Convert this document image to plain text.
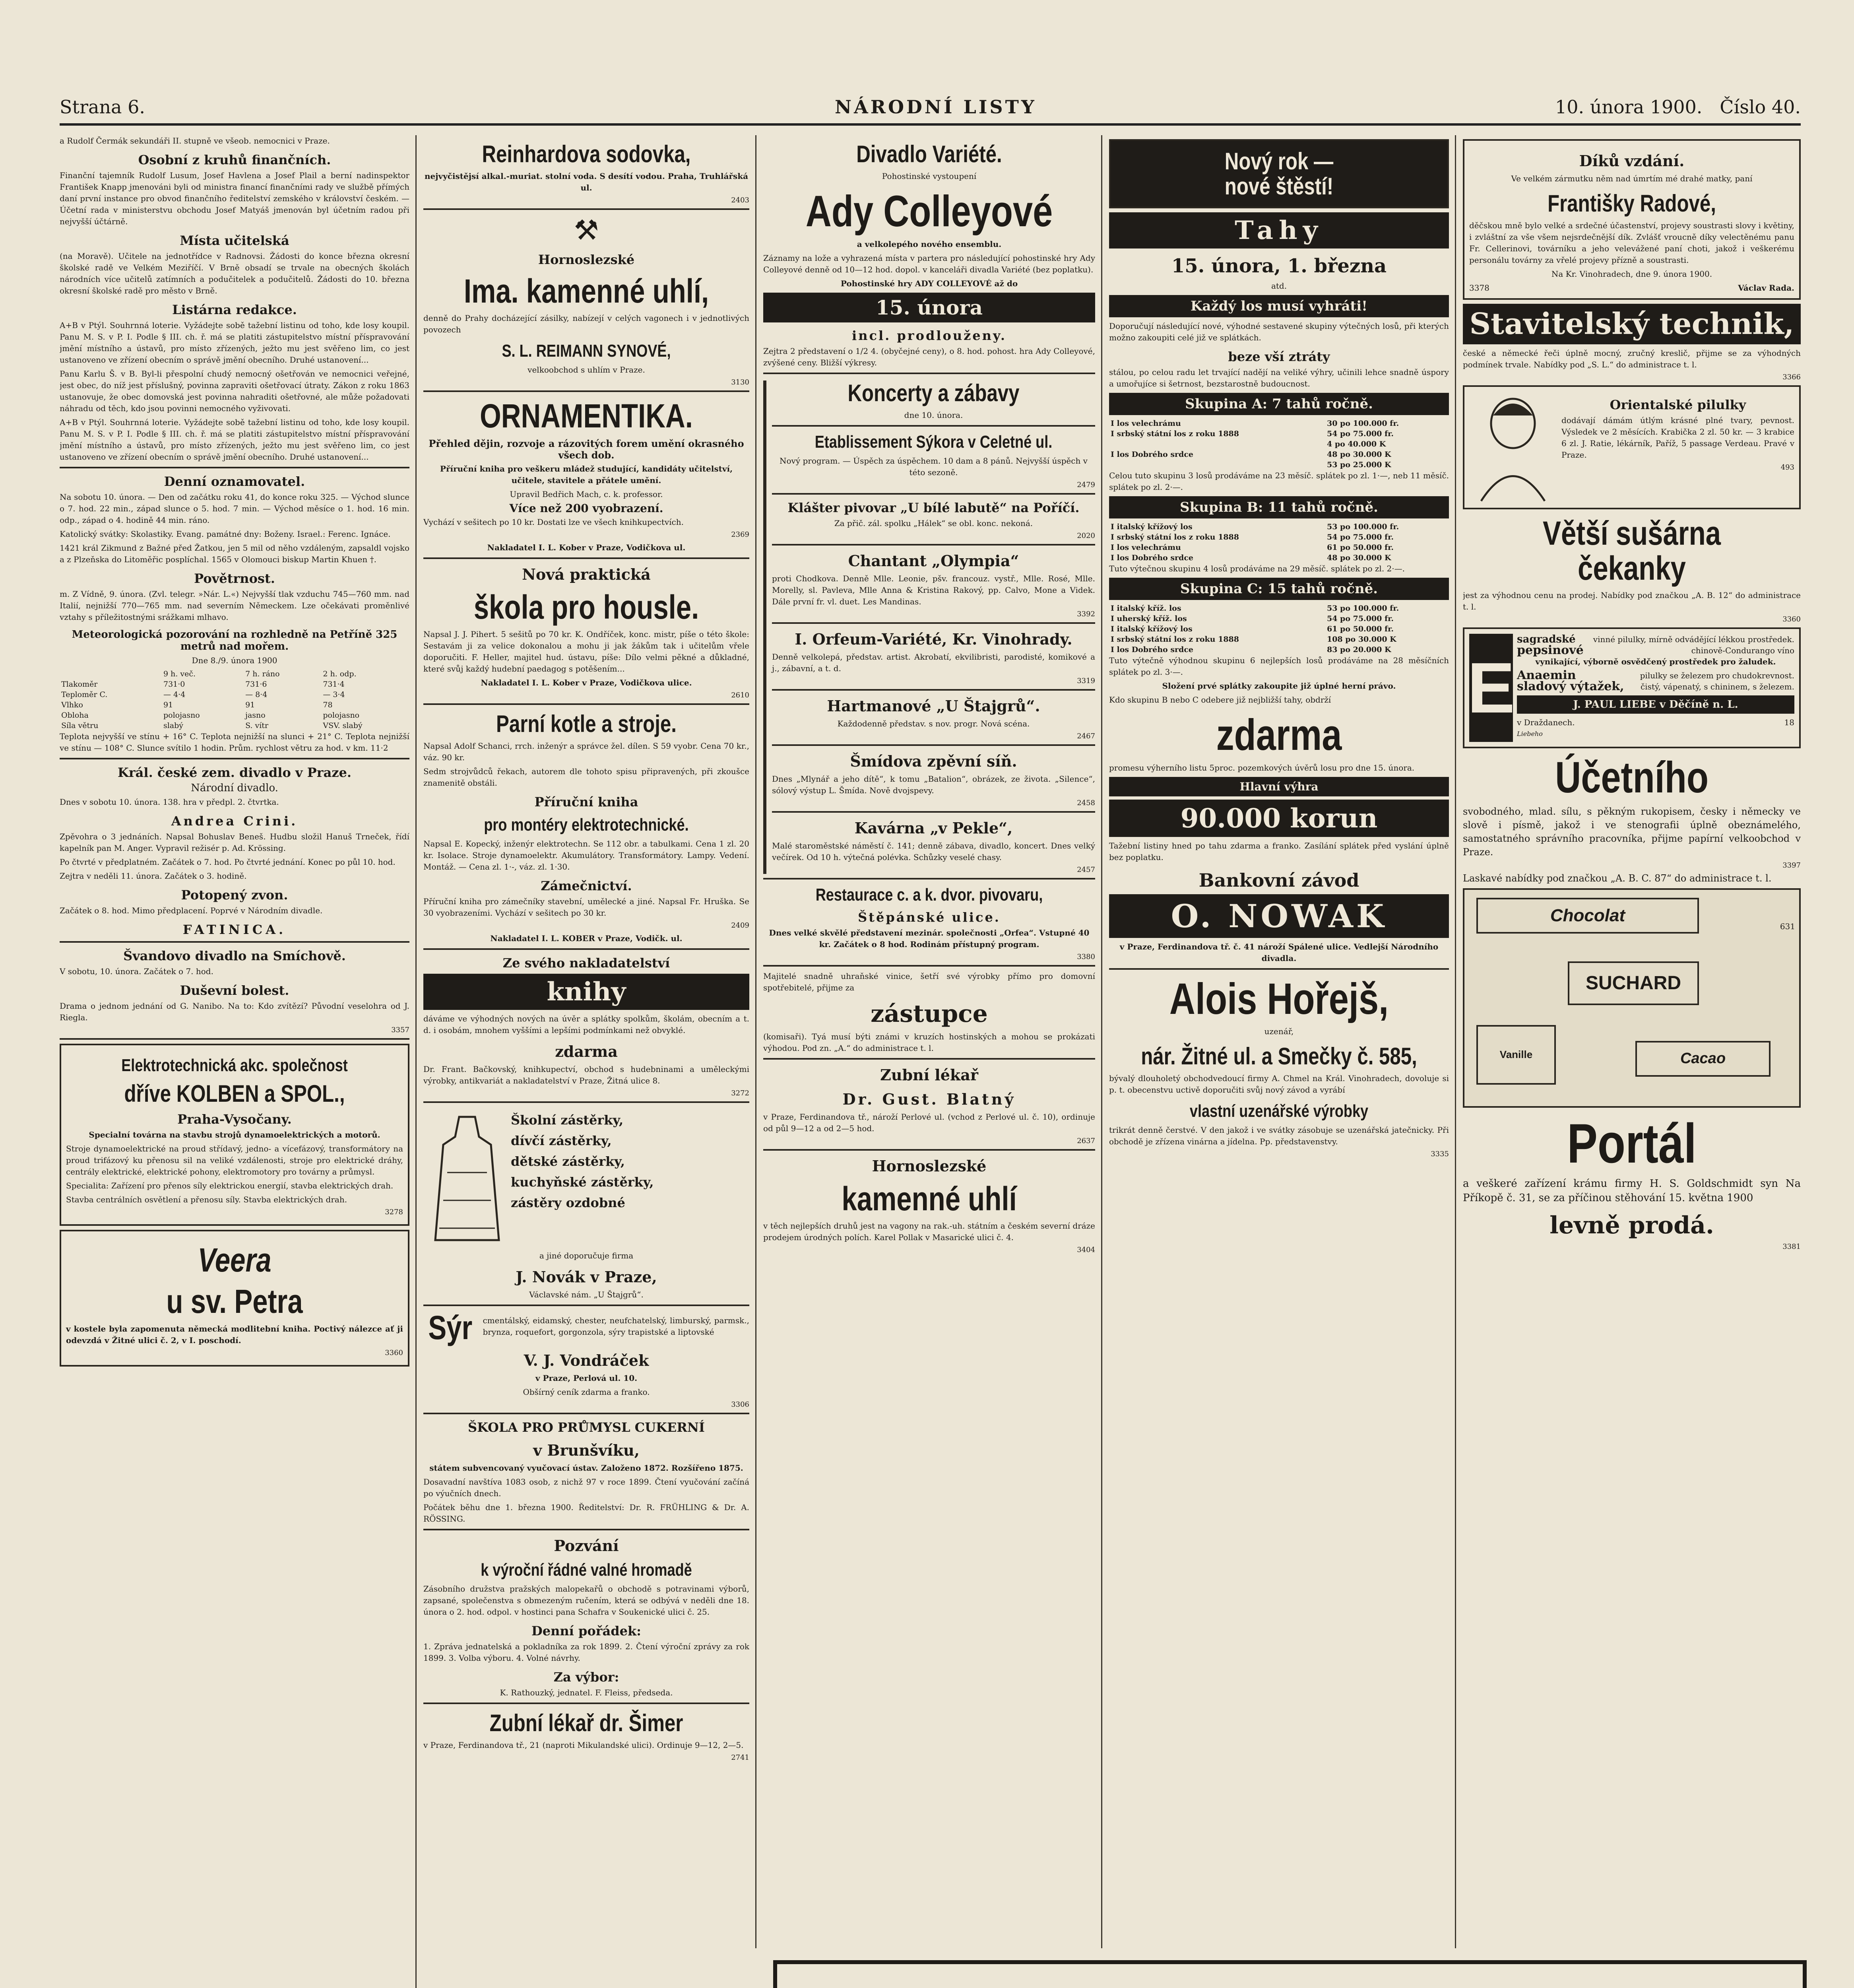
Strana 6.	NÁRODNÍ LISTY	10. února 1900. Číslo 40.

a Rudolf Čermák sekundáři II. stupně ve všeob. nemocnici v Praze.

Osobní z kruhů finančních.

Finanční tajemník Rudolf Lusum, Josef Havlena a Josef Plail a berní nadinspektor František Knapp jmenováni byli od ministra financí finančními rady ve službě přímých daní první instance pro obvod finančního ředitelství zemského v království českém. — Účetní rada v ministerstvu obchodu Josef Matyáš jmenován byl účetním radou při nejvyšší účtárně.

Místa učitelská

(na Moravě). Učitele na jednotřídce v Radnovsi. Žádosti do konce března okresní školské radě ve Velkém Meziříčí. V Brně obsadí se trvale na obecných školách národních více učitelů zatímních a podučitelek a podučitelů. Žádosti do 10. března okresní školské radě pro město v Brně.

Listárna redakce.

A+B v Ptýl. Souhrnná loterie. Vyžádejte sobě tažební listinu od toho, kde losy koupil. Panu M. S. v P. I. Podle § III. ch. ř. má se platiti zástupitelstvo místní příspravování jmění místního a ústavů, pro místo zřízených, ježto mu jest svěřeno lim, co jest ustanoveno ve zřízení obecním o správě jmění obecního. Druhé ustanovení...

Panu Karlu Š. v B. Byl-li přespolní chudý nemocný ošetřován ve nemocnici veřejné, jest obec, do níž jest příslušný, povinna zapraviti ošetřovací útraty. Zákon z roku 1863 ustanovuje, že obec domovská jest povinna nahraditi ošetřovné, ale může požadovati náhradu od těch, kdo jsou povinni nemocného vyživovati.

A+B v Ptýl. Souhrnná loterie. Vyžádejte sobě tažební listinu od toho, kde losy koupil. Panu M. S. v P. I. Podle § III. ch. ř. má se platiti zástupitelstvo místní příspravování jmění místního a ústavů, pro místo zřízených, ježto mu jest svěřeno lim, co jest ustanoveno ve zřízení obecním o správě jmění obecního. Druhé ustanovení...

Denní oznamovatel.

Na sobotu 10. února. — Den od začátku roku 41, do konce roku 325. — Východ slunce o 7. hod. 22 min., západ slunce o 5. hod. 7 min. — Východ měsíce o 1. hod. 16 min. odp., západ o 4. hodině 44 min. ráno.

Katolický svátky: Skolastiky. Evang. památné dny: Boženy. Israel.: Ferenc. Ignáce.

1421 král Zikmund z Bažné před Žatkou, jen 5 mil od něho vzdáleným, zapsaldl vojsko a z Plzeňska do Litoměřic posplíchal. 1565 v Olomouci biskup Martin Khuen †.

Povětrnost.

m. Z Vídně, 9. února. (Zvl. telegr. »Nár. L.«) Nejvyšší tlak vzduchu 745—760 mm. nad Italií, nejnižší 770—765 mm. nad severním Německem. Lze očekávati proměnlivé vztahy s příležitostnými srážkami mlhavo.

Meteorologická pozorování na rozhledně na Petříně 325 metrů nad mořem.

Dne 8./9. února 1900

	9 h. več.	7 h. ráno	2 h. odp.
Tlakoměr	731·0	731·6	731·4
Teploměr C.	— 4·4	— 8·4	— 3·4
Vlhko	91	91	78
Oblohа	polojasno	jasno	polojasno
Síla větru	slabý	S. vítr	VSV. slabý

Teplota nejvyšší ve stínu + 16° C. Teplota nejnižší na slunci + 21° C. Teplota nejnižší ve stínu — 108° C. Slunce svítilo 1 hodin. Prům. rychlost větru za hod. v km. 11·2

Král. české zem. divadlo v Praze.
Národní divadlo.

Dnes v sobotu 10. února. 138. hra v předpl. 2. čtvrtka.

Andrea Crini.

Zpěvohra o 3 jednáních. Napsal Bohuslav Beneš. Hudbu složil Hanuš Trneček, řídí kapelník pan M. Anger. Vypravil režisér p. Ad. Krössing.

Po čtvrté v předplatném. Začátek o 7. hod. Po čtvrté jednání. Konec po půl 10. hod.

Zejtra v neděli 11. února. Začátek o 3. hodině.

Potopený zvon.

Začátek o 8. hod. Mimo předplacení. Poprvé v Národním divadle.

FATINICA.
Švandovo divadlo na Smíchově.

V sobotu, 10. února. Začátek o 7. hod.

Duševní bolest.

Drama o jednom jednání od G. Nanibo. Na to: Kdo zvítězí? Původní veselohra od J. Riegla.

3357
Elektrotechnická akc. společnost
dříve KOLBEN a SPOL.,
Praha-Vysočany.

Specialní továrna na stavbu strojů dynamoelektrických a motorů.

Stroje dynamoelektrické na proud střídavý, jedno- a vícefázový, transformátory na proud trifázový ku přenosu sil na veliké vzdálenosti, stroje pro elektrické dráhy, centrály elektrické, elektrické pohony, elektromotory pro továrny a průmysl.

Specialita: Zařízení pro přenos síly elektrickou energií, stavba elektrických drah.

Stavba centrálních osvětlení a přenosu síly. Stavba elektrických drah.

3278
Veera
u sv. Petra

v kostele byla zapomenuta německá modlitební kniha. Poctivý nálezce ať ji odevzdá v Žitné ulici č. 2, v I. poschodí.

3360
Reinhardova sodovka,

nejvyčistějsí alkal.-muriat. stolní voda. S desítí vodou. Praha, Truhlářská ul.

2403
⚒
Hornoslezské
Ima. kamenné uhlí,

denně do Prahy docházející zásilky, nabízejí v celých vagonech i v jednotlivých povozech

S. L. REIMANN SYNOVÉ,

velkoobchod s uhlím v Praze.

3130
ORNAMENTIKA.

Přehled dějin, rozvoje a rázovitých forem umění okrasného všech dob.

Příruční kniha pro veškeru mládež studující, kandidáty učitelství, učitele, stavitele a přátele umění.

Upravil Bedřich Mach, c. k. professor.

Více než 200 vyobrazení.

Vychází v sešitech po 10 kr. Dostati lze ve všech knihkupectvích.

2369

Nakladatel I. L. Kober v Praze, Vodičkova ul.

Nová praktická
škola pro housle.

Napsal J. J. Pihert. 5 sešitů po 70 kr. K. Ondříček, konc. mistr, píše o této škole: Sestavám ji za velice dokonalou a mohu ji jak žákům tak i učitelům vřele doporučiti. F. Heller, majitel hud. ústavu, píše: Dílo velmi pěkné a důkladné, které svůj každý hudební paedagog s potěšením...

Nakladatel I. L. Kober v Praze, Vodičkova ulice.

2610
Parní kotle a stroje.

Napsal Adolf Schanci, rrch. inženýr a správce žel. dílen. S 59 vyobr. Cena 70 kr., váz. 90 kr.

Sedm strojvůdců řekach, autorem dle tohoto spisu připravených, při zkoušce znamenitě obstáli.

Příruční kniha
pro montéry elektrotechnické.

Napsal E. Kopecký, inženýr elektrotechn. Se 112 obr. a tabulkami. Cena 1 zl. 20 kr. Isolace. Stroje dynamoelektr. Akumulátory. Transformátory. Lampy. Vedení. Montáž. — Cena zl. 1·-, váz. zl. 1·30.

Zámečnictví.

Příruční kniha pro zámečníky stavební, umělecké a jiné. Napsal Fr. Hruška. Se 30 vyobrazeními. Vychází v sešitech po 30 kr.

2409

Nakladatel I. L. KOBER v Praze, Vodičk. ul.

Ze svého nakladatelství
knihy

dáváme ve výhodných nových na úvěr a splátky spolkům, školám, obecním a t. d. i osobám, mnohem vyššími a lepšími podmínkami než obvyklé.

zdarma

Dr. Frant. Bačkovský, knihkupectví, obchod s hudebninami a uměleckými výrobky, antikvariát a nakladatelství v Praze, Žitná ulice 8.

3272
Školní zástěrky,
dívčí zástěrky,
dětské zástěrky,
kuchyňské zástěrky,
zástěry ozdobné

a jiné doporučuje firma

J. Novák v Praze,

Václavské nám. „U Štajgrů“.

Sýr cmentálský, eidamský, chester, neufchatelský, limburský, parmsk., brynza, roquefort, gorgonzola, sýry trapistské a liptovské

V. J. Vondráček

v Praze, Perlová ul. 10.

Obšírný ceník zdarma a franko.

3306
ŠKOLA PRO PRŮMYSL CUKERNÍ
v Brunšvíku,

státem subvencovaný vyučovací ústav. Založeno 1872. Rozšířeno 1875.

Dosavadní navštíva 1083 osob, z nichž 97 v roce 1899. Čtení vyučování začíná po výučních dnech.

Počátek běhu dne 1. března 1900. Ředitelství: Dr. R. FRÜHLING & Dr. A. RÖSSING.

Pozvání
k výroční řádné valné hromadě

Zásobního družstva pražských malopekařů o obchodě s potravinami výborů, zapsané, společenstva s obmezeným ručením, která se odbývá v neděli dne 18. února o 2. hod. odpol. v hostinci pana Schafra v Soukenické ulici č. 25.

Denní pořádek:

1. Zpráva jednatelská a pokladníka za rok 1899. 2. Čtení výroční zprávy za rok 1899. 3. Volba výboru. 4. Volné návrhy.

Za výbor:

K. Rathouzký, jednatel. F. Fleiss, předseda.

Zubní lékař dr. Šimer

v Praze, Ferdinandova tř., 21 (naproti Mikulandské ulici). Ordinuje 9—12, 2—5.

2741
Divadlo Variété.

Pohostinské vystoupení

Ady Colleyové

a velkolepého nového ensemblu.

Záznamy na lože a vyhrazená místa v partera pro následující pohostinské hry Ady Colleyové denně od 10—12 hod. dopol. v kanceláři divadla Variété (bez poplatku).

Pohostinské hry ADY COLLEYOVÉ až do

15. února
incl. prodlouženy.

Zejtra 2 představení o 1/2 4. (obyčejné ceny), o 8. hod. pohost. hra Ady Colleyové, zvýšené ceny. Bližší výkresy.

Koncerty a zábavy

dne 10. února.

Etablissement Sýkora v Celetné ul.

Nový program. — Úspěch za úspěchem. 10 dam a 8 pánů. Nejvyšší úspěch v této sezoně.

2479
Klášter pivovar „U bílé labutě“ na Poříčí.

Za přič. zál. spolku „Hálek“ se obl. konc. nekoná.

2020
Chantant „Olympia“

proti Chodkova. Denně Mlle. Leonie, pšv. francouz. vystř., Mlle. Rosé, Mlle. Morelly, sl. Pavleva, Mlle Anna & Kristina Rakový, pp. Calvo, Mone a Videk. Dále první fr. vl. duet. Les Mandinas.

3392
I. Orfeum-Variété, Kr. Vinohrady.

Denně velkolepá, představ. artist. Akrobatí, ekvilibristi, parodisté, komikové a j., zábavní, a t. d.

3319
Hartmanové „U Štajgrů“.

Každodenně představ. s nov. progr. Nová scéna.

2467
Šmídova zpěvní síň.

Dnes „Mlynář a jeho dítě“, k tomu „Batalion“, obrázek, ze života. „Silence“, sólový výstup L. Šmída. Nově dvojspevy.

2458
Kavárna „v Pekle“,

Malé staroměstské náměstí č. 141; denně zábava, divadlo, koncert. Dnes velký večírek. Od 10 h. výtečná polévka. Schůzky veselé chasy.

2457
Restaurace c. a k. dvor. pivovaru,
Štěpánské ulice.

Dnes velké skvělé představení mezinár. společnosti „Orfea“. Vstupné 40 kr. Začátek o 8 hod. Rodinám přístupný program.

3380

Majitelé snadně uhraňské vinice, šetří své výrobky přímo pro domovní spotřebitelé, přijme za

zástupce

(komisaři). Tyá musí býti známi v kruzích hostinských a mohou se prokázati výhodou. Pod zn. „A.“ do administrace t. l.

Zubní lékař
Dr. Gust. Blatný

v Praze, Ferdinandova tř., nároží Perlové ul. (vchod z Perlové ul. č. 10), ordinuje od půl 9—12 a od 2—5 hod.

2637
Hornoslezské
kamenné uhlí

v těch nejlepších druhů jest na vagony na rak.-uh. státním a českém severní dráze prodejem úrodných polích. Karel Pollak v Masarické ulici č. 4.

3404
Nový rok —
nové štěstí!
Tahy
15. února, 1. března

atd.

Každý los musí vyhráti!

Doporučují následující nové, výhodné sestavené skupiny výtečných losů, při kterých možno zakoupiti celé již ve splátkách.

beze vší ztráty

stálou, po celou radu let trvající nadějí na veliké výhry, učinili lehce snadně úspory a umořujíce si šetrnost, bezstarostně budoucnost.

Skupina A: 7 tahů ročně.
I los velechrámu	30 po 100.000 fr.
I srbský státní los z roku 1888	54 po 75.000 fr.
	4 po 40.000 K
I los Dobrého srdce	48 po 30.000 K
	53 po 25.000 K

Celou tuto skupinu 3 losů prodáváme na 23 měsíč. splátek po zl. 1·—, neb 11 měsíč. splátek po zl. 2·—.

Skupina B: 11 tahů ročně.
I italský křížový los	53 po 100.000 fr.
I srbský státní los z roku 1888	54 po 75.000 fr.
I los velechrámu	61 po 50.000 fr.
I los Dobrého srdce	48 po 30.000 K

Tuto výtečnou skupinu 4 losů prodáváme na 29 měsíč. splátek po zl. 2·—.

Skupina C: 15 tahů ročně.
I italský kříž. los	53 po 100.000 fr.
I uherský kříž. los	54 po 75.000 fr.
I italský křížový los	61 po 50.000 fr.
I srbský státní los z roku 1888	108 po 30.000 K
I los Dobrého srdce	83 po 20.000 K

Tuto výtečně výhodnou skupinu 6 nejlepších losů prodáváme na 28 měsíčních splátek po zl. 3·—.

Složení prvé splátky zakoupite již úplné herní právo.

Kdo skupinu B nebo C odebere již nejbližší tahy, obdrží

zdarma

promesu výherního listu 5proc. pozemkových úvěrů losu pro dne 15. února.

Hlavní výhra
90.000 korun

Tažební listiny hned po tahu zdarma a franko. Zasílání splátek před vyslání úplně bez poplatku.

Bankovní závod
O. NOWAK

v Praze, Ferdinandova tř. č. 41 nároží Spálené ulice. Vedlejší Národního divadla.

Alois Hořejš,

uzenář,

nár. Žitné ul. a Smečky č. 585,

bývalý dlouholetý obchodvedoucí firmy A. Chmel na Král. Vinohradech, dovoluje si p. t. obecenstvu uctivě doporučiti svůj nový závod a vyrábí

vlastní uzenářské výrobky

trikrát denně čerstvé. V den jakož i ve svátky zásobuje se uzenářská jatečnicky. Při obchodě je zřízena vinárna a jídelna. Pp. představenstvy.

3335
Díků vzdání.

Ve velkém zármutku něm nad úmrtím mé drahé matky, paní

Františky Radové,

děčskou mně bylo velké a srdečné účastenství, projevy soustrasti slovy i květiny, i zvláštní za vše všem nejsrdečnější dík. Zvlášť vroucně díky velectěnému panu Fr. Cellerinovi, továrníku a jeho velevážené paní choti, jakož i veškerému personálu továrny za vřelé projevy přízně a soustrasti.

Na Kr. Vinohradech, dne 9. února 1900.

3378	Václav Rada.
Stavitelský technik,

české a německé řeči úplně mocný, zručný kreslič, přijme se za výhodných podmínek trvale. Nabídky pod „S. L.“ do administrace t. l.

3366
Orientalské pilulky

dodávají dámám útlým krásné plné tvary, pevnost. Výsledek ve 2 měsících. Krabička 2 zl. 50 kr. — 3 krabice 6 zl. J. Ratie, lékárník, Paříž, 5 passage Verdeau. Pravé v Praze.

493
Větší sušárna čekanky

jest za výhodnou cenu na prodej. Nabídky pod značkou „A. B. 12“ do administrace t. l.

3360
E
sagradské vinné pilulky, mírně odvádějící lékkou prostředek.
pepsinové	chinově-Condurango víno

vynikající, výborně osvědčený prostředek pro žaludek.

Anaemin	pilulky se železem pro chudokrevnost.
sladový výtažek, čistý, vápenatý, s chininem, s železem.
J. PAUL LIEBE v Děčíně n. L.
v Draždanech.	18
Liebeho
Účetního

svobodného, mlad. sílu, s pěkným rukopisem, česky i německy ve slově i písmě, jakož i ve stenografii úplně obeznámelého, samostatného správního pracovníka, přijme papírní velkoobchod v Praze.

3397

Laskavé nabídky pod značkou „A. B. C. 87“ do administrace t. l.

Chocolat
SUCHARD
Vanille	Cacao
631
Portál

a veškeré zařízení krámu firmy H. S. Goldschmidt syn Na Příkopě č. 31, se za příčinou stěhování 15. května 1900

levně prodá.
3381
